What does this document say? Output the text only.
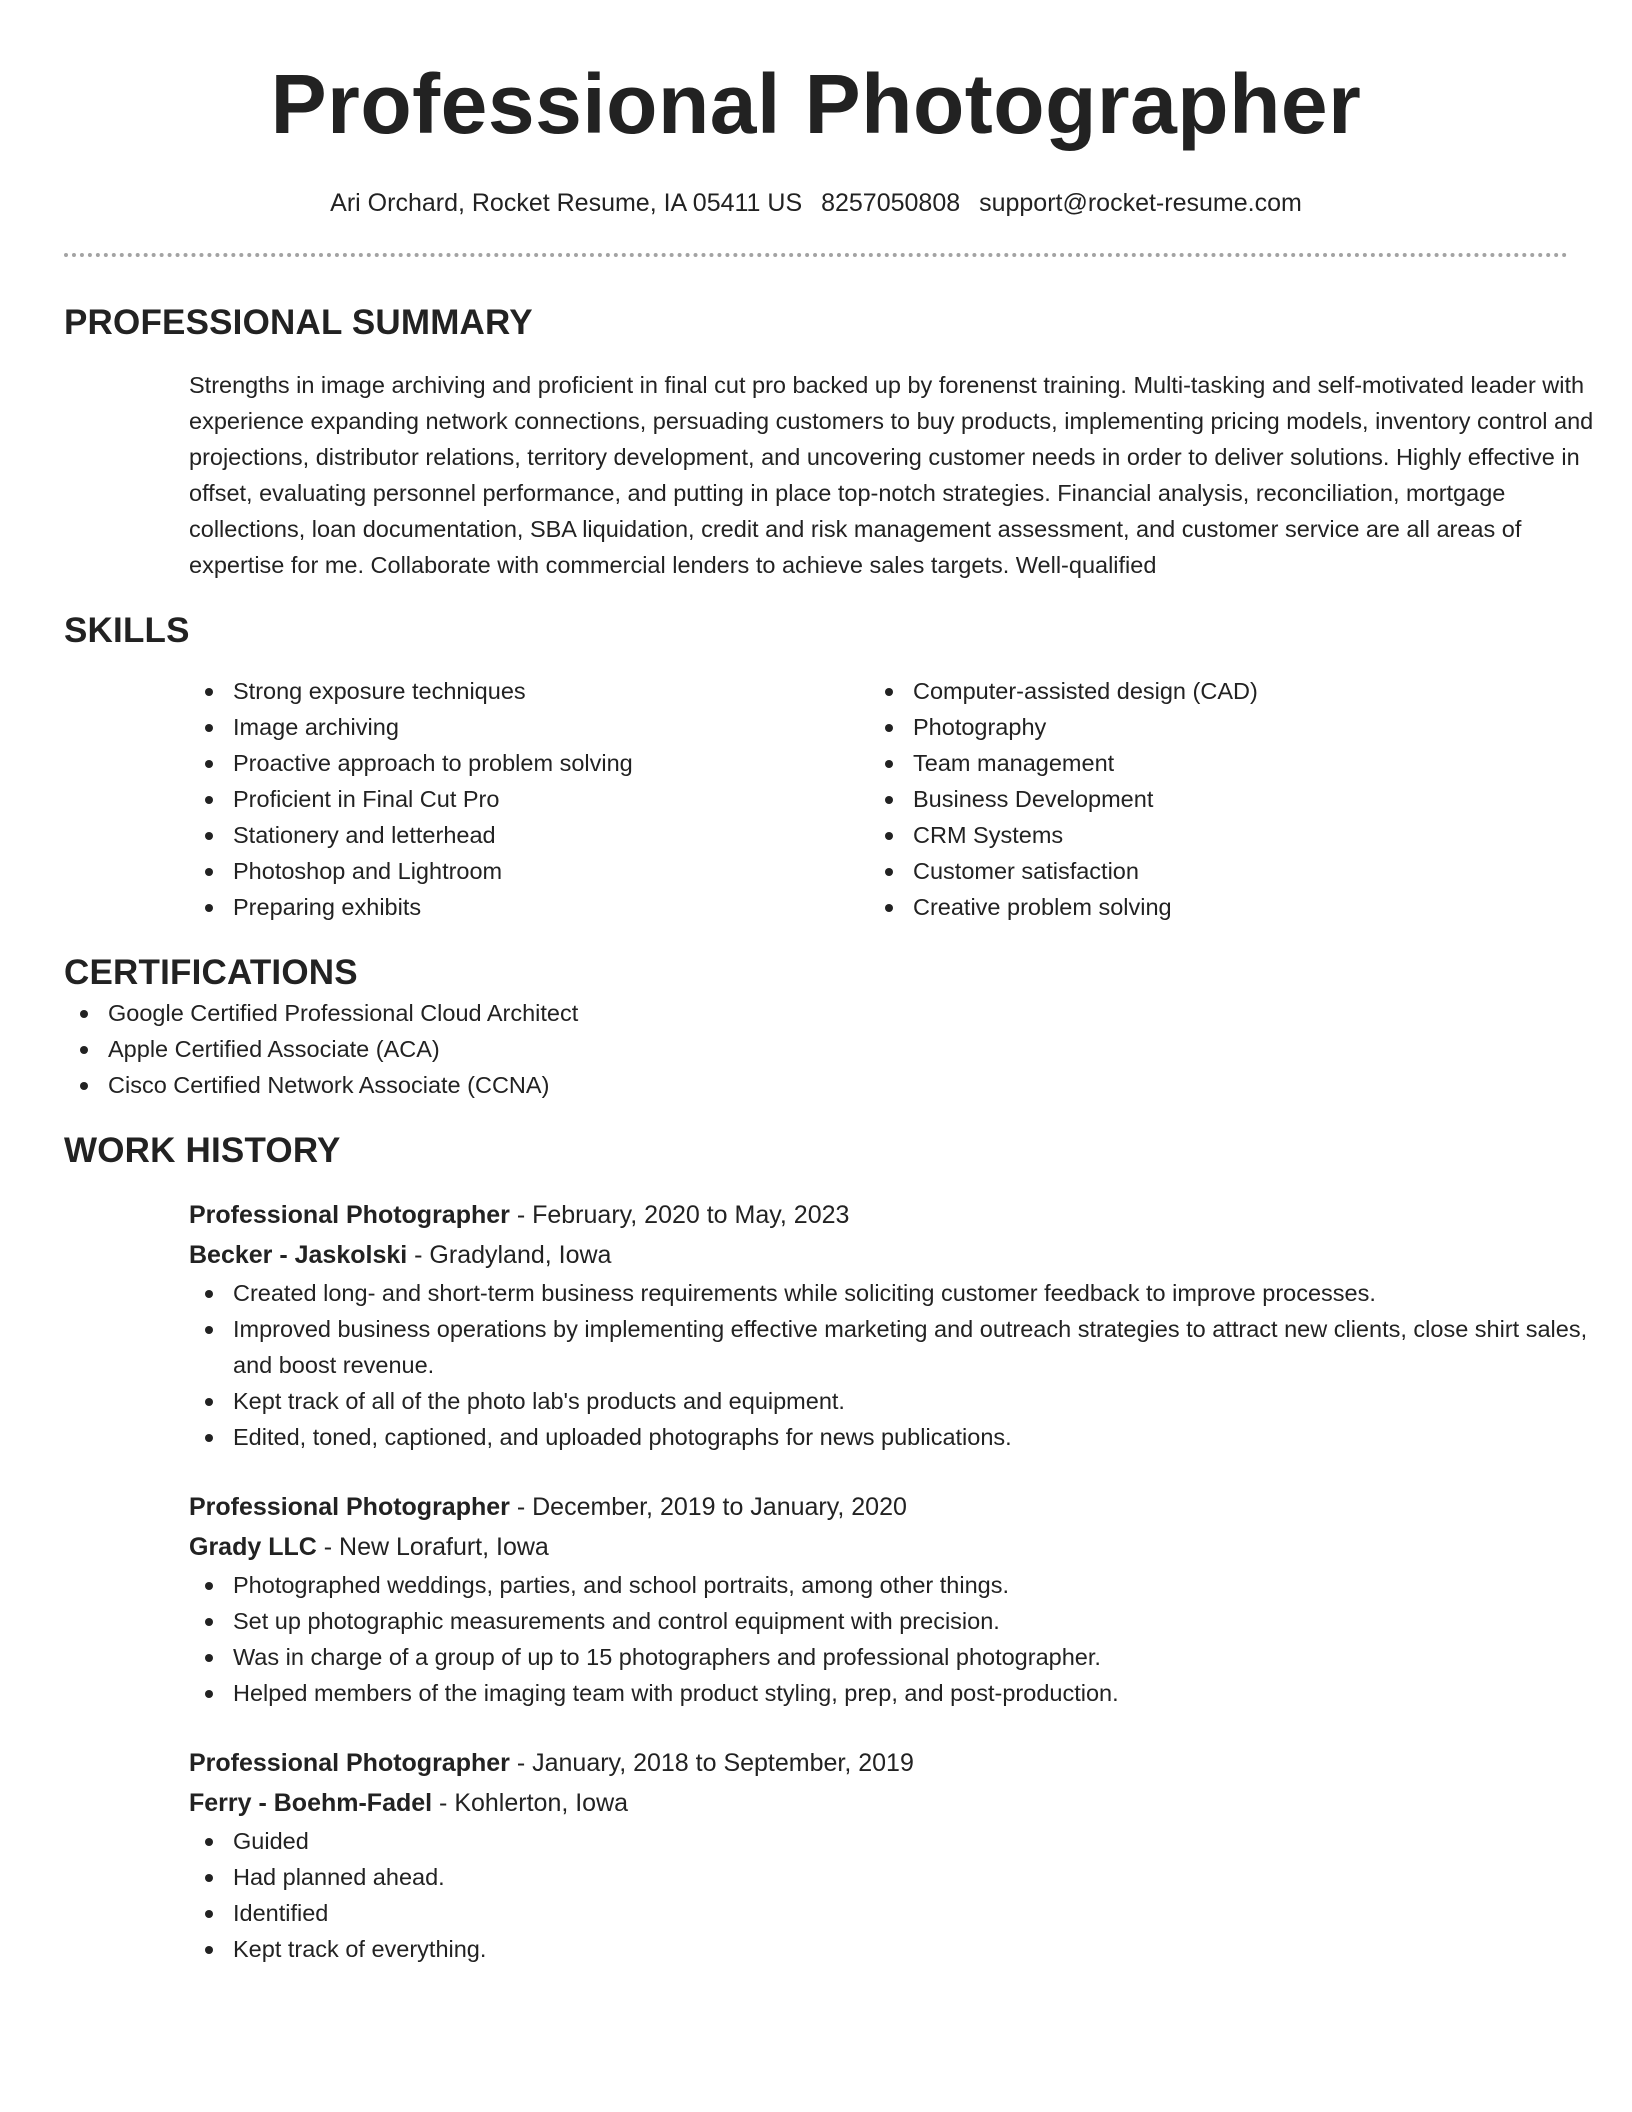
Professional Photographer
Ari Orchard, Rocket Resume, IA 05411 US 8257050808 support@rocket-resume.com
PROFESSIONAL SUMMARY
Strengths in image archiving and proficient in final cut pro backed up by forenenst training. Multi-tasking and self-motivated leader with experience expanding network connections, persuading customers to buy products, implementing pricing models, inventory control and projections, distributor relations, territory development, and uncovering customer needs in order to deliver solutions. Highly effective in offset, evaluating personnel performance, and putting in place top-notch strategies. Financial analysis, reconciliation, mortgage collections, loan documentation, SBA liquidation, credit and risk management assessment, and customer service are all areas of expertise for me. Collaborate with commercial lenders to achieve sales targets. Well-qualified
SKILLS
Strong exposure techniques
Image archiving
Proactive approach to problem solving
Proficient in Final Cut Pro
Stationery and letterhead
Photoshop and Lightroom
Preparing exhibits
Computer-assisted design (CAD)
Photography
Team management
Business Development
CRM Systems
Customer satisfaction
Creative problem solving
CERTIFICATIONS
Google Certified Professional Cloud Architect
Apple Certified Associate (ACA)
Cisco Certified Network Associate (CCNA)
WORK HISTORY
Professional Photographer - February, 2020 to May, 2023
Becker - Jaskolski - Gradyland, Iowa
Created long- and short-term business requirements while soliciting customer feedback to improve processes.
Improved business operations by implementing effective marketing and outreach strategies to attract new clients, close shirt sales, and boost revenue.
Kept track of all of the photo lab's products and equipment.
Edited, toned, captioned, and uploaded photographs for news publications.
Professional Photographer - December, 2019 to January, 2020
Grady LLC - New Lorafurt, Iowa
Photographed weddings, parties, and school portraits, among other things.
Set up photographic measurements and control equipment with precision.
Was in charge of a group of up to 15 photographers and professional photographer.
Helped members of the imaging team with product styling, prep, and post-production.
Professional Photographer - January, 2018 to September, 2019
Ferry - Boehm-Fadel - Kohlerton, Iowa
Guided
Had planned ahead.
Identified
Kept track of everything.
